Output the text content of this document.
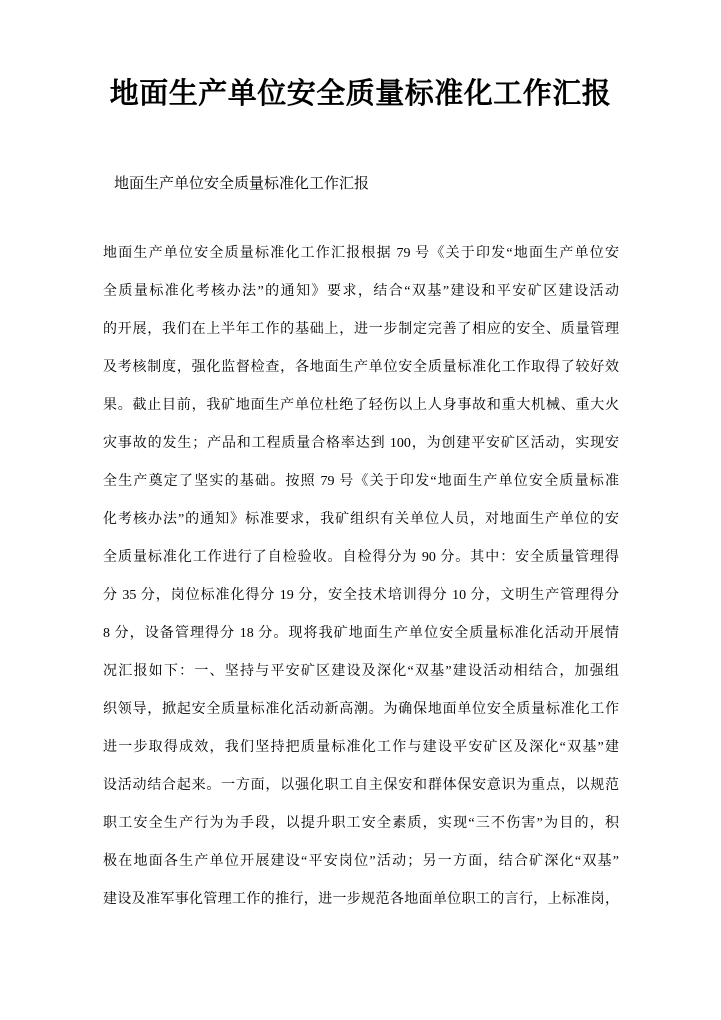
地面生产单位安全质量标准化工作汇报

地面生产单位安全质量标准化工作汇报

地面生产单位安全质量标准化工作汇报根据 79 号《关于印发“地面生产单位安
全质量标准化考核办法”的通知》要求，结合“双基”建设和平安矿区建设活动
的开展，我们在上半年工作的基础上，进一步制定完善了相应的安全、质量管理
及考核制度，强化监督检查，各地面生产单位安全质量标准化工作取得了较好效
果。截止目前，我矿地面生产单位杜绝了轻伤以上人身事故和重大机械、重大火
灾事故的发生；产品和工程质量合格率达到 100，为创建平安矿区活动，实现安
全生产奠定了坚实的基础。按照 79 号《关于印发“地面生产单位安全质量标准
化考核办法”的通知》标准要求，我矿组织有关单位人员，对地面生产单位的安
全质量标准化工作进行了自检验收。自检得分为 90 分。其中：安全质量管理得
分 35 分，岗位标准化得分 19 分，安全技术培训得分 10 分，文明生产管理得分
8 分，设备管理得分 18 分。现将我矿地面生产单位安全质量标准化活动开展情
况汇报如下：一、坚持与平安矿区建设及深化“双基”建设活动相结合，加强组
织领导，掀起安全质量标准化活动新高潮。为确保地面单位安全质量标准化工作
进一步取得成效，我们坚持把质量标准化工作与建设平安矿区及深化“双基”建
设活动结合起来。一方面，以强化职工自主保安和群体保安意识为重点，以规范
职工安全生产行为为手段，以提升职工安全素质，实现“三不伤害”为目的，积
极在地面各生产单位开展建设“平安岗位”活动；另一方面，结合矿深化“双基”
建设及准军事化管理工作的推行，进一步规范各地面单位职工的言行，上标准岗，
